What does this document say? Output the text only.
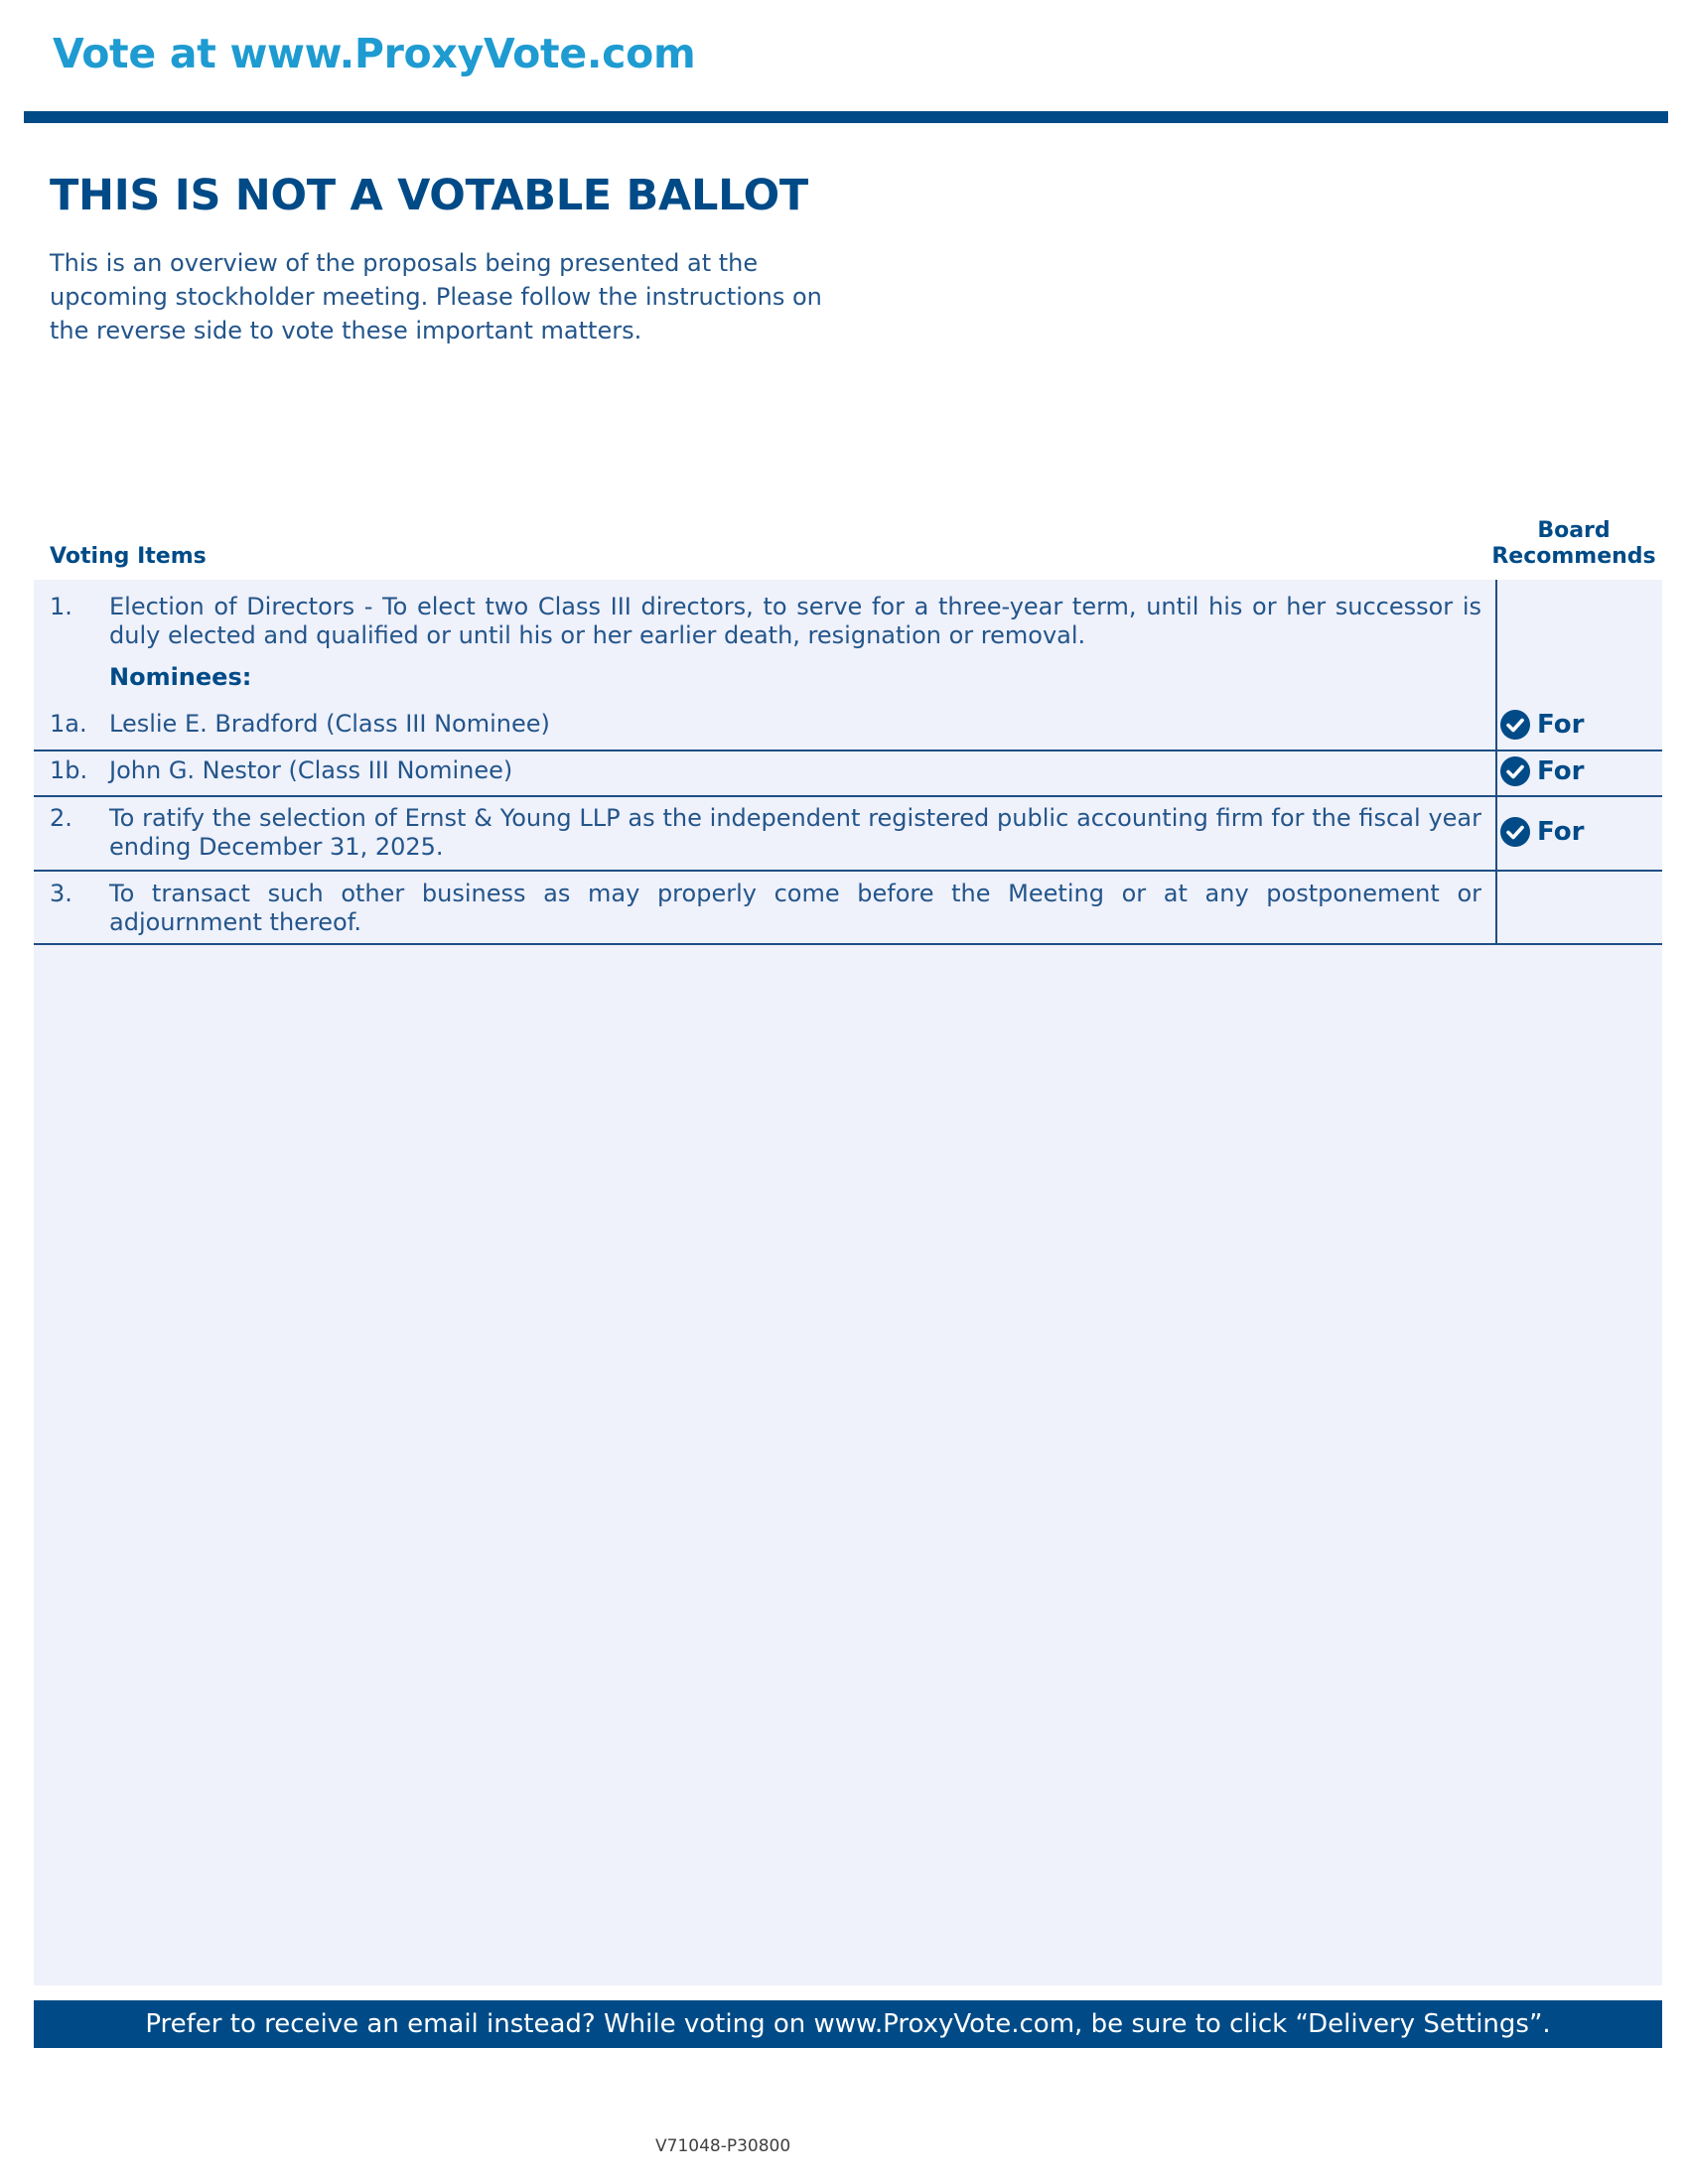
Vote at www.ProxyVote.com
THIS IS NOT A VOTABLE BALLOT

This is an overview of the proposals being presented at the upcoming stockholder meeting. Please follow the instructions on the reverse side to vote these important matters.

Voting Items
Board Recommends
1. Election of Directors - To elect two Class III directors, to serve for a three-year term, until his or her successor is duly elected and qualified or until his or her earlier death, resignation or removal.
Nominees:
1a. Leslie E. Bradford (Class III Nominee)	For
1b. John G. Nestor (Class III Nominee)	For
2. To ratify the selection of Ernst & Young LLP as the independent registered public accounting firm for the fiscal year ending December 31, 2025.	For
3. To transact such other business as may properly come before the Meeting or at any postponement or adjournment thereof.
Prefer to receive an email instead? While voting on www.ProxyVote.com, be sure to click “Delivery Settings”.
V71048-P30800
